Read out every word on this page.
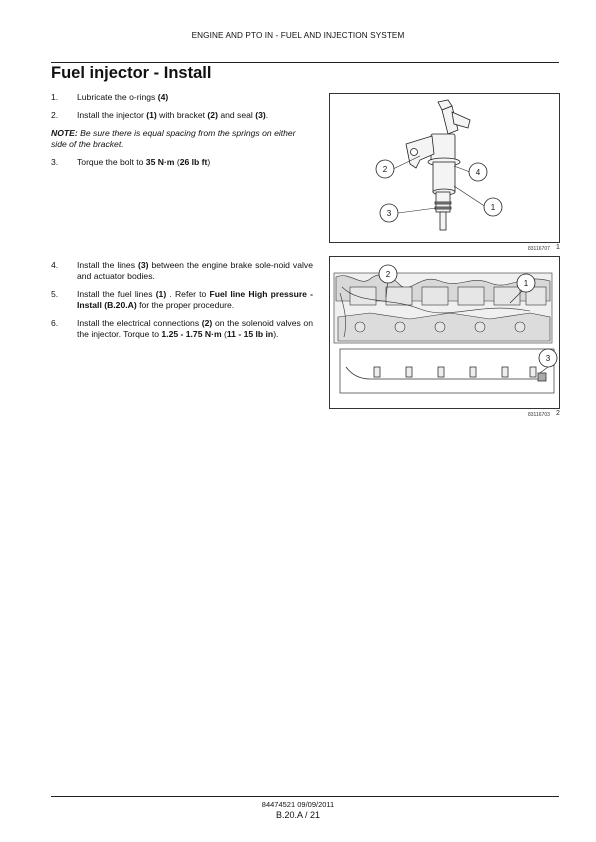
ENGINE AND PTO IN - FUEL AND INJECTION SYSTEM
Fuel injector - Install
1. Lubricate the o-rings (4)
2. Install the injector (1) with bracket (2) and seal (3).
NOTE: Be sure there is equal spacing from the springs on either side of the bracket.
3. Torque the bolt to 35 N·m (26 lb ft)
2	4
1
3
83116707 1
4. Install the lines (3) between the engine brake sole-noid valve and actuator bodies.
5. Install the fuel lines (1) . Refer to Fuel line High pressure - Install (B.20.A) for the proper procedure.
6. Install the electrical connections (2) on the solenoid valves on the injector. Torque to 1.25 - 1.75 N·m (11 - 15 lb in).
2
1
3
83116703 2
84474521 09/09/2011
B.20.A / 21
